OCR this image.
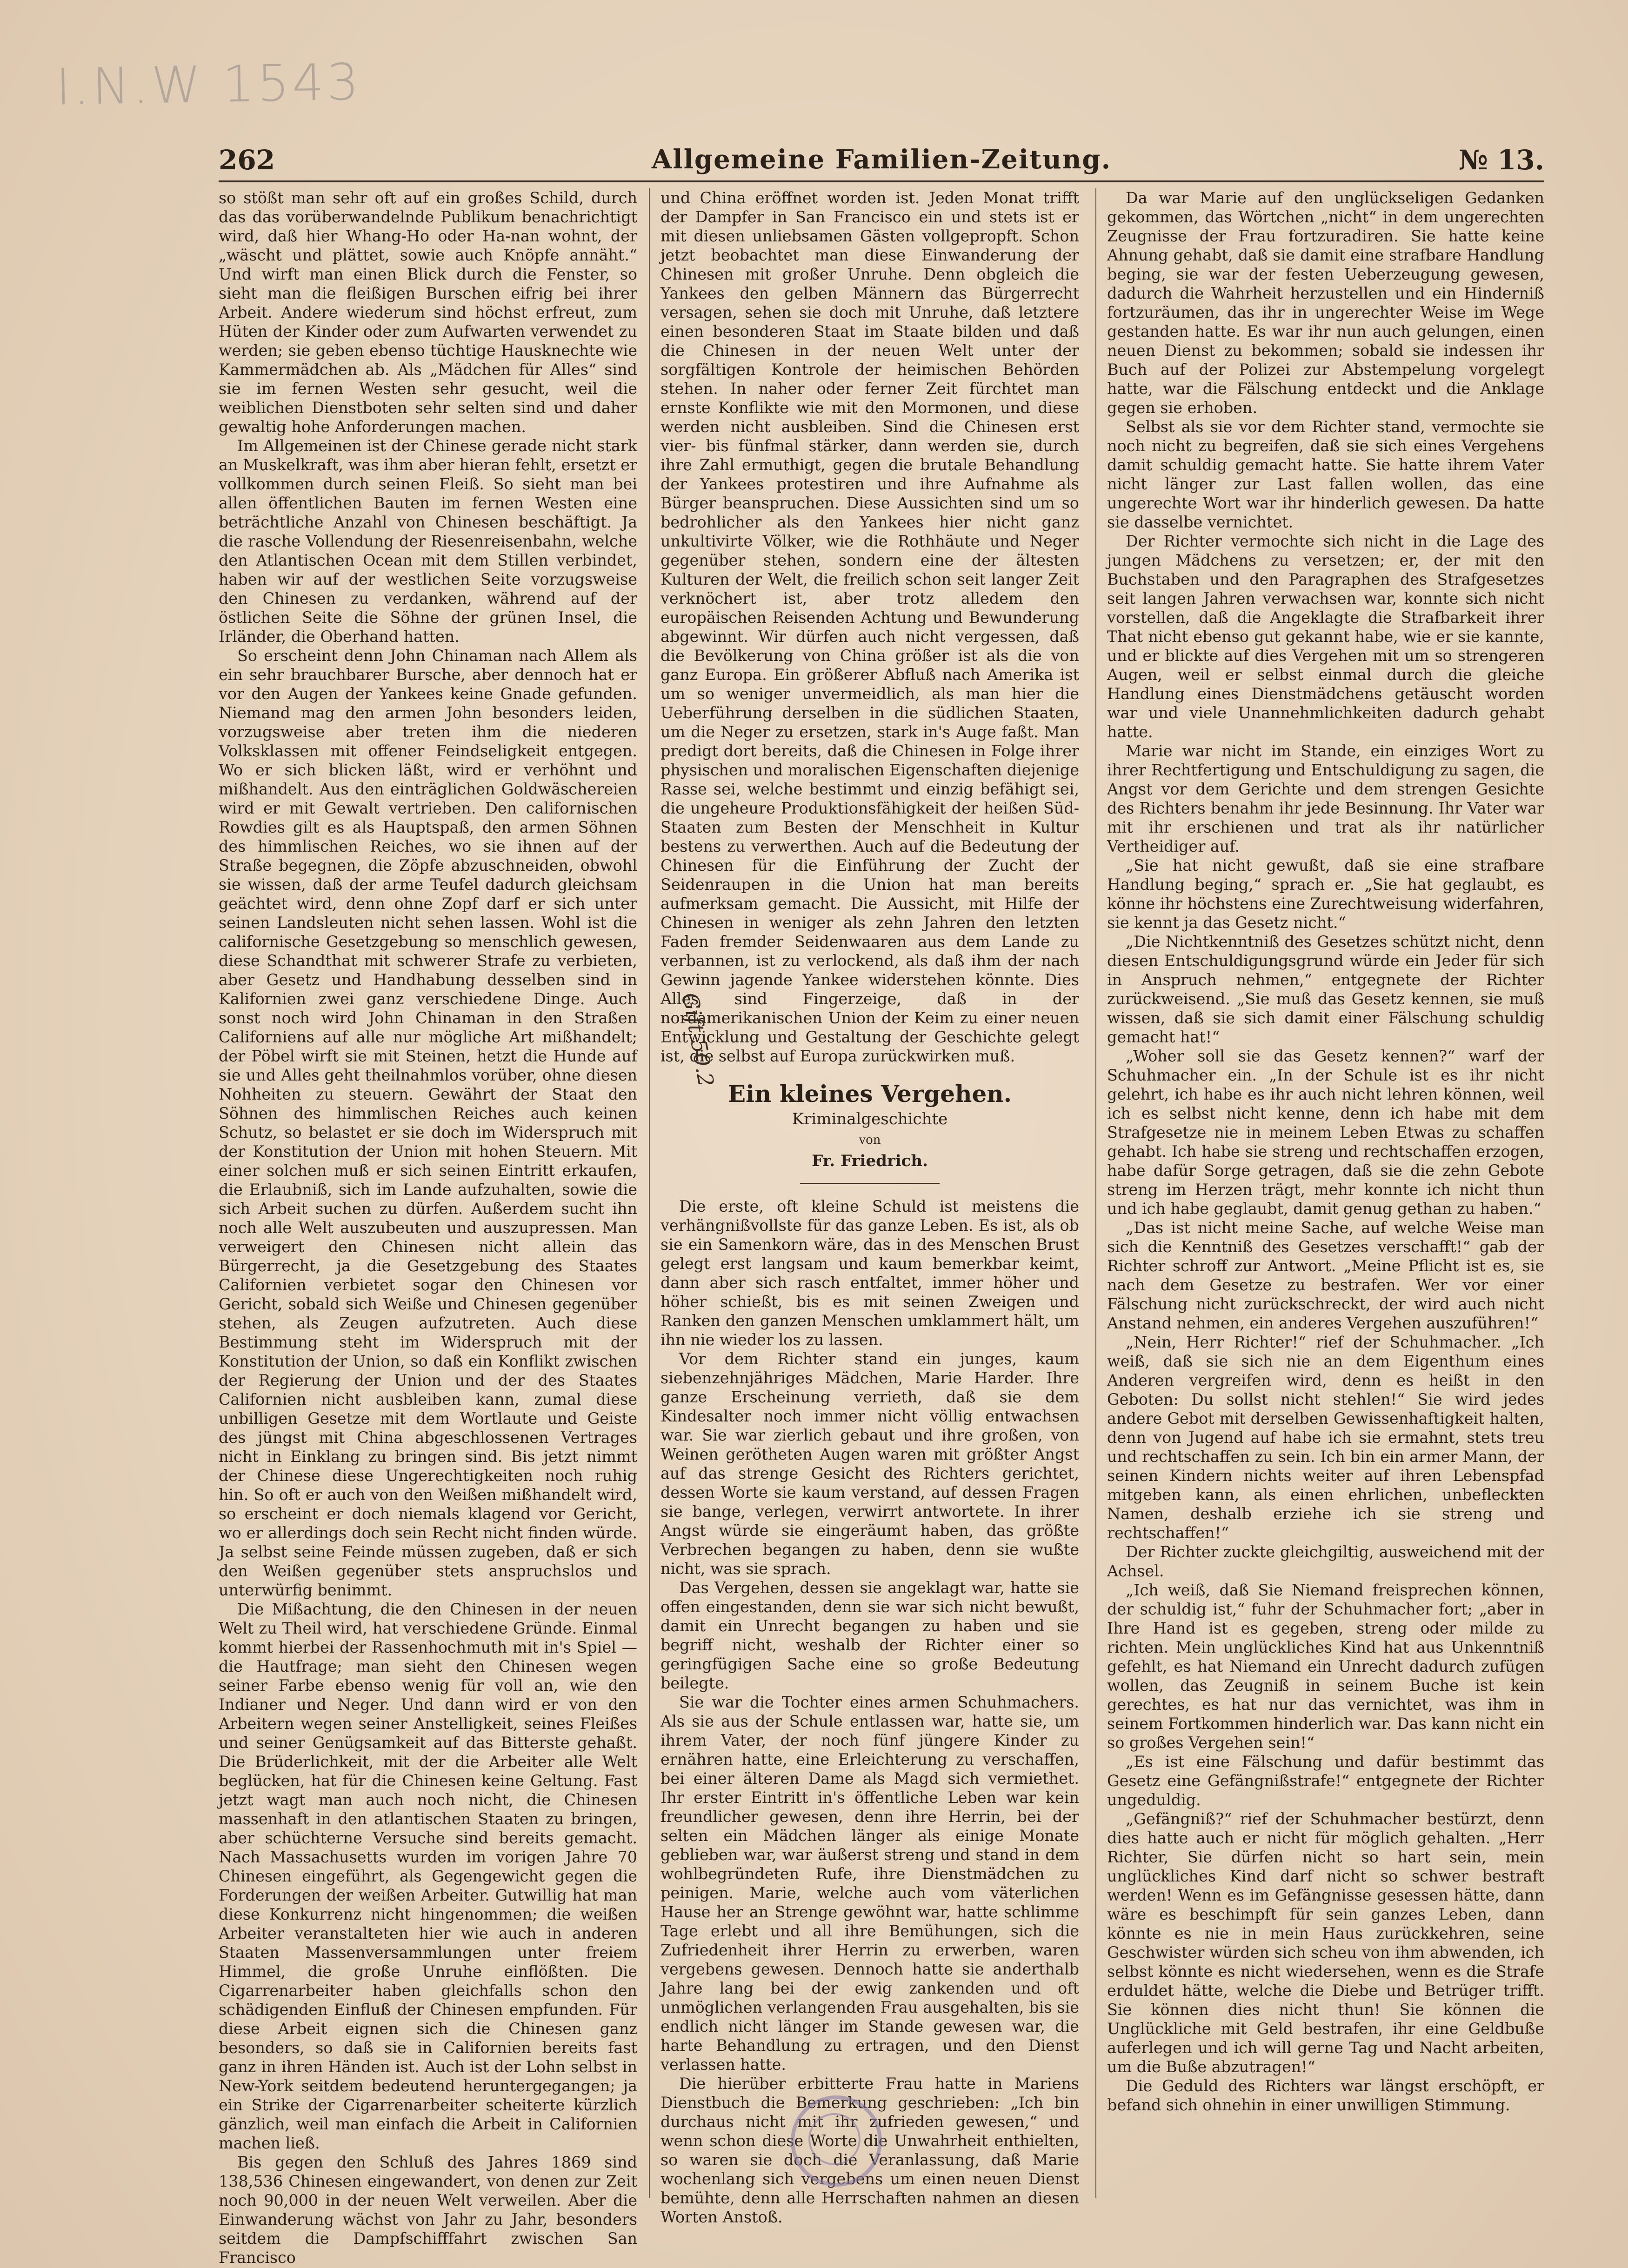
I.N.W 1543
262	Allgemeine Familien-Zeitung.	№ 13.

so stößt man sehr oft auf ein großes Schild, durch das das vorüberwandelnde Publikum benachrichtigt wird, daß hier Whang-Ho oder Ha-nan wohnt, der „wäscht und plättet, sowie auch Knöpfe annäht.“ Und wirft man einen Blick durch die Fenster, so sieht man die fleißigen Burschen eifrig bei ihrer Arbeit. Andere wiederum sind höchst erfreut, zum Hüten der Kinder oder zum Aufwarten verwendet zu werden; sie geben ebenso tüchtige Hausknechte wie Kammermädchen ab. Als „Mädchen für Alles“ sind sie im fernen Westen sehr gesucht, weil die weiblichen Dienstboten sehr selten sind und daher gewaltig hohe Anforderungen machen.

Im Allgemeinen ist der Chinese gerade nicht stark an Muskelkraft, was ihm aber hieran fehlt, ersetzt er vollkommen durch seinen Fleiß. So sieht man bei allen öffentlichen Bauten im fernen Westen eine beträchtliche Anzahl von Chinesen beschäftigt. Ja die rasche Vollendung der Riesenreisenbahn, welche den Atlantischen Ocean mit dem Stillen verbindet, haben wir auf der westlichen Seite vorzugsweise den Chinesen zu verdanken, während auf der östlichen Seite die Söhne der grünen Insel, die Irländer, die Oberhand hatten.

So erscheint denn John Chinaman nach Allem als ein sehr brauchbarer Bursche, aber dennoch hat er vor den Augen der Yankees keine Gnade gefunden. Niemand mag den armen John besonders leiden, vorzugsweise aber treten ihm die niederen Volksklassen mit offener Feindseligkeit entgegen. Wo er sich blicken läßt, wird er verhöhnt und mißhandelt. Aus den einträglichen Goldwäschereien wird er mit Gewalt vertrieben. Den californischen Rowdies gilt es als Hauptspaß, den armen Söhnen des himmlischen Reiches, wo sie ihnen auf der Straße begegnen, die Zöpfe abzuschneiden, obwohl sie wissen, daß der arme Teufel dadurch gleichsam geächtet wird, denn ohne Zopf darf er sich unter seinen Landsleuten nicht sehen lassen. Wohl ist die californische Gesetzgebung so menschlich gewesen, diese Schandthat mit schwerer Strafe zu verbieten, aber Gesetz und Handhabung desselben sind in Kalifornien zwei ganz verschiedene Dinge. Auch sonst noch wird John Chinaman in den Straßen Californiens auf alle nur mögliche Art mißhandelt; der Pöbel wirft sie mit Steinen, hetzt die Hunde auf sie und Alles geht theilnahmlos vorüber, ohne diesen Nohheiten zu steuern. Gewährt der Staat den Söhnen des himmlischen Reiches auch keinen Schutz, so belastet er sie doch im Widerspruch mit der Konstitution der Union mit hohen Steuern. Mit einer solchen muß er sich seinen Eintritt erkaufen, die Erlaubniß, sich im Lande aufzuhalten, sowie die sich Arbeit suchen zu dürfen. Außerdem sucht ihn noch alle Welt auszubeuten und auszupressen. Man verweigert den Chinesen nicht allein das Bürgerrecht, ja die Gesetzgebung des Staates Californien verbietet sogar den Chinesen vor Gericht, sobald sich Weiße und Chinesen gegenüber stehen, als Zeugen aufzutreten. Auch diese Bestimmung steht im Widerspruch mit der Konstitution der Union, so daß ein Konflikt zwischen der Regierung der Union und der des Staates Californien nicht ausbleiben kann, zumal diese unbilligen Gesetze mit dem Wortlaute und Geiste des jüngst mit China abgeschlossenen Vertrages nicht in Einklang zu bringen sind. Bis jetzt nimmt der Chinese diese Ungerechtigkeiten noch ruhig hin. So oft er auch von den Weißen mißhandelt wird, so erscheint er doch niemals klagend vor Gericht, wo er allerdings doch sein Recht nicht finden würde. Ja selbst seine Feinde müssen zugeben, daß er sich den Weißen gegenüber stets anspruchslos und unterwürfig benimmt.

Die Mißachtung, die den Chinesen in der neuen Welt zu Theil wird, hat verschiedene Gründe. Einmal kommt hierbei der Rassenhochmuth mit in's Spiel — die Hautfrage; man sieht den Chinesen wegen seiner Farbe ebenso wenig für voll an, wie den Indianer und Neger. Und dann wird er von den Arbeitern wegen seiner Anstelligkeit, seines Fleißes und seiner Genügsamkeit auf das Bitterste gehaßt. Die Brüderlichkeit, mit der die Arbeiter alle Welt beglücken, hat für die Chinesen keine Geltung. Fast jetzt wagt man auch noch nicht, die Chinesen massenhaft in den atlantischen Staaten zu bringen, aber schüchterne Versuche sind bereits gemacht. Nach Massachusetts wurden im vorigen Jahre 70 Chinesen eingeführt, als Gegengewicht gegen die Forderungen der weißen Arbeiter. Gutwillig hat man diese Konkurrenz nicht hingenommen; die weißen Arbeiter veranstalteten hier wie auch in anderen Staaten Massenversammlungen unter freiem Himmel, die große Unruhe einflößten. Die Cigarrenarbeiter haben gleichfalls schon den schädigenden Einfluß der Chinesen empfunden. Für diese Arbeit eignen sich die Chinesen ganz besonders, so daß sie in Californien bereits fast ganz in ihren Händen ist. Auch ist der Lohn selbst in New-York seitdem bedeutend heruntergegangen; ja ein Strike der Cigarrenarbeiter scheiterte kürzlich gänzlich, weil man einfach die Arbeit in Californien machen ließ.

Bis gegen den Schluß des Jahres 1869 sind 138,536 Chinesen eingewandert, von denen zur Zeit noch 90,000 in der neuen Welt verweilen. Aber die Einwanderung wächst von Jahr zu Jahr, besonders seitdem die Dampfschifffahrt zwischen San Francisco

und China eröffnet worden ist. Jeden Monat trifft der Dampfer in San Francisco ein und stets ist er mit diesen unliebsamen Gästen vollgepropft. Schon jetzt beobachtet man diese Einwanderung der Chinesen mit großer Unruhe. Denn obgleich die Yankees den gelben Männern das Bürgerrecht versagen, sehen sie doch mit Unruhe, daß letztere einen besonderen Staat im Staate bilden und daß die Chinesen in der neuen Welt unter der sorgfältigen Kontrole der heimischen Behörden stehen. In naher oder ferner Zeit fürchtet man ernste Konflikte wie mit den Mormonen, und diese werden nicht ausbleiben. Sind die Chinesen erst vier- bis fünfmal stärker, dann werden sie, durch ihre Zahl ermuthigt, gegen die brutale Behandlung der Yankees protestiren und ihre Aufnahme als Bürger beanspruchen. Diese Aussichten sind um so bedrohlicher als den Yankees hier nicht ganz unkultivirte Völker, wie die Rothhäute und Neger gegenüber stehen, sondern eine der ältesten Kulturen der Welt, die freilich schon seit langer Zeit verknöchert ist, aber trotz alledem den europäischen Reisenden Achtung und Bewunderung abgewinnt. Wir dürfen auch nicht vergessen, daß die Bevölkerung von China größer ist als die von ganz Europa. Ein größerer Abfluß nach Amerika ist um so weniger unvermeidlich, als man hier die Ueberführung derselben in die südlichen Staaten, um die Neger zu ersetzen, stark in's Auge faßt. Man predigt dort bereits, daß die Chinesen in Folge ihrer physischen und moralischen Eigenschaften diejenige Rasse sei, welche bestimmt und einzig befähigt sei, die ungeheure Produktionsfähigkeit der heißen Süd-Staaten zum Besten der Menschheit in Kultur bestens zu verwerthen. Auch auf die Bedeutung der Chinesen für die Einführung der Zucht der Seidenraupen in die Union hat man bereits aufmerksam gemacht. Die Aussicht, mit Hilfe der Chinesen in weniger als zehn Jahren den letzten Faden fremder Seidenwaaren aus dem Lande zu verbannen, ist zu verlockend, als daß ihm der nach Gewinn jagende Yankee widerstehen könnte. Dies Alles sind Fingerzeige, daß in der nordamerikanischen Union der Keim zu einer neuen Entwicklung und Gestaltung der Geschichte gelegt ist, die selbst auf Europa zurückwirken muß.

Ein kleines Vergehen.
Kriminalgeschichte
von
Fr. Friedrich.

Die erste, oft kleine Schuld ist meistens die verhängnißvollste für das ganze Leben. Es ist, als ob sie ein Samenkorn wäre, das in des Menschen Brust gelegt erst langsam und kaum bemerkbar keimt, dann aber sich rasch entfaltet, immer höher und höher schießt, bis es mit seinen Zweigen und Ranken den ganzen Menschen umklammert hält, um ihn nie wieder los zu lassen.

Vor dem Richter stand ein junges, kaum siebenzehnjähriges Mädchen, Marie Harder. Ihre ganze Erscheinung verrieth, daß sie dem Kindesalter noch immer nicht völlig entwachsen war. Sie war zierlich gebaut und ihre großen, von Weinen gerötheten Augen waren mit größter Angst auf das strenge Gesicht des Richters gerichtet, dessen Worte sie kaum verstand, auf dessen Fragen sie bange, verlegen, verwirrt antwortete. In ihrer Angst würde sie eingeräumt haben, das größte Verbrechen begangen zu haben, denn sie wußte nicht, was sie sprach.

Das Vergehen, dessen sie angeklagt war, hatte sie offen eingestanden, denn sie war sich nicht bewußt, damit ein Unrecht begangen zu haben und sie begriff nicht, weshalb der Richter einer so geringfügigen Sache eine so große Bedeutung beilegte.

Sie war die Tochter eines armen Schuhmachers. Als sie aus der Schule entlassen war, hatte sie, um ihrem Vater, der noch fünf jüngere Kinder zu ernähren hatte, eine Erleichterung zu verschaffen, bei einer älteren Dame als Magd sich vermiethet. Ihr erster Eintritt in's öffentliche Leben war kein freundlicher gewesen, denn ihre Herrin, bei der selten ein Mädchen länger als einige Monate geblieben war, war äußerst streng und stand in dem wohlbegründeten Rufe, ihre Dienstmädchen zu peinigen. Marie, welche auch vom väterlichen Hause her an Strenge gewöhnt war, hatte schlimme Tage erlebt und all ihre Bemühungen, sich die Zufriedenheit ihrer Herrin zu erwerben, waren vergebens gewesen. Dennoch hatte sie anderthalb Jahre lang bei der ewig zankenden und oft unmöglichen verlangenden Frau ausgehalten, bis sie endlich nicht länger im Stande gewesen war, die harte Behandlung zu ertragen, und den Dienst verlassen hatte.

Die hierüber erbitterte Frau hatte in Mariens Dienstbuch die Bemerkung geschrieben: „Ich bin durchaus nicht mit ihr zufrieden gewesen,“ und wenn schon diese Worte die Unwahrheit enthielten, so waren sie doch die Veranlassung, daß Marie wochenlang sich vergebens um einen neuen Dienst bemühte, denn alle Herrschaften nahmen an diesen Worten Anstoß.

Da war Marie auf den unglückseligen Gedanken gekommen, das Wörtchen „nicht“ in dem ungerechten Zeugnisse der Frau fortzuradiren. Sie hatte keine Ahnung gehabt, daß sie damit eine strafbare Handlung beging, sie war der festen Ueberzeugung gewesen, dadurch die Wahrheit herzustellen und ein Hinderniß fortzuräumen, das ihr in ungerechter Weise im Wege gestanden hatte. Es war ihr nun auch gelungen, einen neuen Dienst zu bekommen; sobald sie indessen ihr Buch auf der Polizei zur Abstempelung vorgelegt hatte, war die Fälschung entdeckt und die Anklage gegen sie erhoben.

Selbst als sie vor dem Richter stand, vermochte sie noch nicht zu begreifen, daß sie sich eines Vergehens damit schuldig gemacht hatte. Sie hatte ihrem Vater nicht länger zur Last fallen wollen, das eine ungerechte Wort war ihr hinderlich gewesen. Da hatte sie dasselbe vernichtet.

Der Richter vermochte sich nicht in die Lage des jungen Mädchens zu versetzen; er, der mit den Buchstaben und den Paragraphen des Strafgesetzes seit langen Jahren verwachsen war, konnte sich nicht vorstellen, daß die Angeklagte die Strafbarkeit ihrer That nicht ebenso gut gekannt habe, wie er sie kannte, und er blickte auf dies Vergehen mit um so strengeren Augen, weil er selbst einmal durch die gleiche Handlung eines Dienstmädchens getäuscht worden war und viele Unannehmlichkeiten dadurch gehabt hatte.

Marie war nicht im Stande, ein einziges Wort zu ihrer Rechtfertigung und Entschuldigung zu sagen, die Angst vor dem Gerichte und dem strengen Gesichte des Richters benahm ihr jede Besinnung. Ihr Vater war mit ihr erschienen und trat als ihr natürlicher Vertheidiger auf.

„Sie hat nicht gewußt, daß sie eine strafbare Handlung beging,“ sprach er. „Sie hat geglaubt, es könne ihr höchstens eine Zurechtweisung widerfahren, sie kennt ja das Gesetz nicht.“

„Die Nichtkenntniß des Gesetzes schützt nicht, denn diesen Entschuldigungsgrund würde ein Jeder für sich in Anspruch nehmen,“ entgegnete der Richter zurückweisend. „Sie muß das Gesetz kennen, sie muß wissen, daß sie sich damit einer Fälschung schuldig gemacht hat!“

„Woher soll sie das Gesetz kennen?“ warf der Schuhmacher ein. „In der Schule ist es ihr nicht gelehrt, ich habe es ihr auch nicht lehren können, weil ich es selbst nicht kenne, denn ich habe mit dem Strafgesetze nie in meinem Leben Etwas zu schaffen gehabt. Ich habe sie streng und rechtschaffen erzogen, habe dafür Sorge getragen, daß sie die zehn Gebote streng im Herzen trägt, mehr konnte ich nicht thun und ich habe geglaubt, damit genug gethan zu haben.“

„Das ist nicht meine Sache, auf welche Weise man sich die Kenntniß des Gesetzes verschafft!“ gab der Richter schroff zur Antwort. „Meine Pflicht ist es, sie nach dem Gesetze zu bestrafen. Wer vor einer Fälschung nicht zurückschreckt, der wird auch nicht Anstand nehmen, ein anderes Vergehen auszuführen!“

„Nein, Herr Richter!“ rief der Schuhmacher. „Ich weiß, daß sie sich nie an dem Eigenthum eines Anderen vergreifen wird, denn es heißt in den Geboten: Du sollst nicht stehlen!“ Sie wird jedes andere Gebot mit derselben Gewissenhaftigkeit halten, denn von Jugend auf habe ich sie ermahnt, stets treu und rechtschaffen zu sein. Ich bin ein armer Mann, der seinen Kindern nichts weiter auf ihren Lebenspfad mitgeben kann, als einen ehrlichen, unbefleckten Namen, deshalb erziehe ich sie streng und rechtschaffen!“

Der Richter zuckte gleichgiltig, ausweichend mit der Achsel.

„Ich weiß, daß Sie Niemand freisprechen können, der schuldig ist,“ fuhr der Schuhmacher fort; „aber in Ihre Hand ist es gegeben, streng oder milde zu richten. Mein unglückliches Kind hat aus Unkenntniß gefehlt, es hat Niemand ein Unrecht dadurch zufügen wollen, das Zeugniß in seinem Buche ist kein gerechtes, es hat nur das vernichtet, was ihm in seinem Fortkommen hinderlich war. Das kann nicht ein so großes Vergehen sein!“

„Es ist eine Fälschung und dafür bestimmt das Gesetz eine Gefängnißstrafe!“ entgegnete der Richter ungeduldig.

„Gefängniß?“ rief der Schuhmacher bestürzt, denn dies hatte auch er nicht für möglich gehalten. „Herr Richter, Sie dürfen nicht so hart sein, mein unglückliches Kind darf nicht so schwer bestraft werden! Wenn es im Gefängnisse gesessen hätte, dann wäre es beschimpft für sein ganzes Leben, dann könnte es nie in mein Haus zurückkehren, seine Geschwister würden sich scheu von ihm abwenden, ich selbst könnte es nicht wiedersehen, wenn es die Strafe erduldet hätte, welche die Diebe und Betrüger trifft. Sie können dies nicht thun! Sie können die Unglückliche mit Geld bestrafen, ihr eine Geldbuße auferlegen und ich will gerne Tag und Nacht arbeiten, um die Buße abzutragen!“

Die Geduld des Richters war längst erschöpft, er befand sich ohnehin in einer unwilligen Stimmung.

Gift 50.2
